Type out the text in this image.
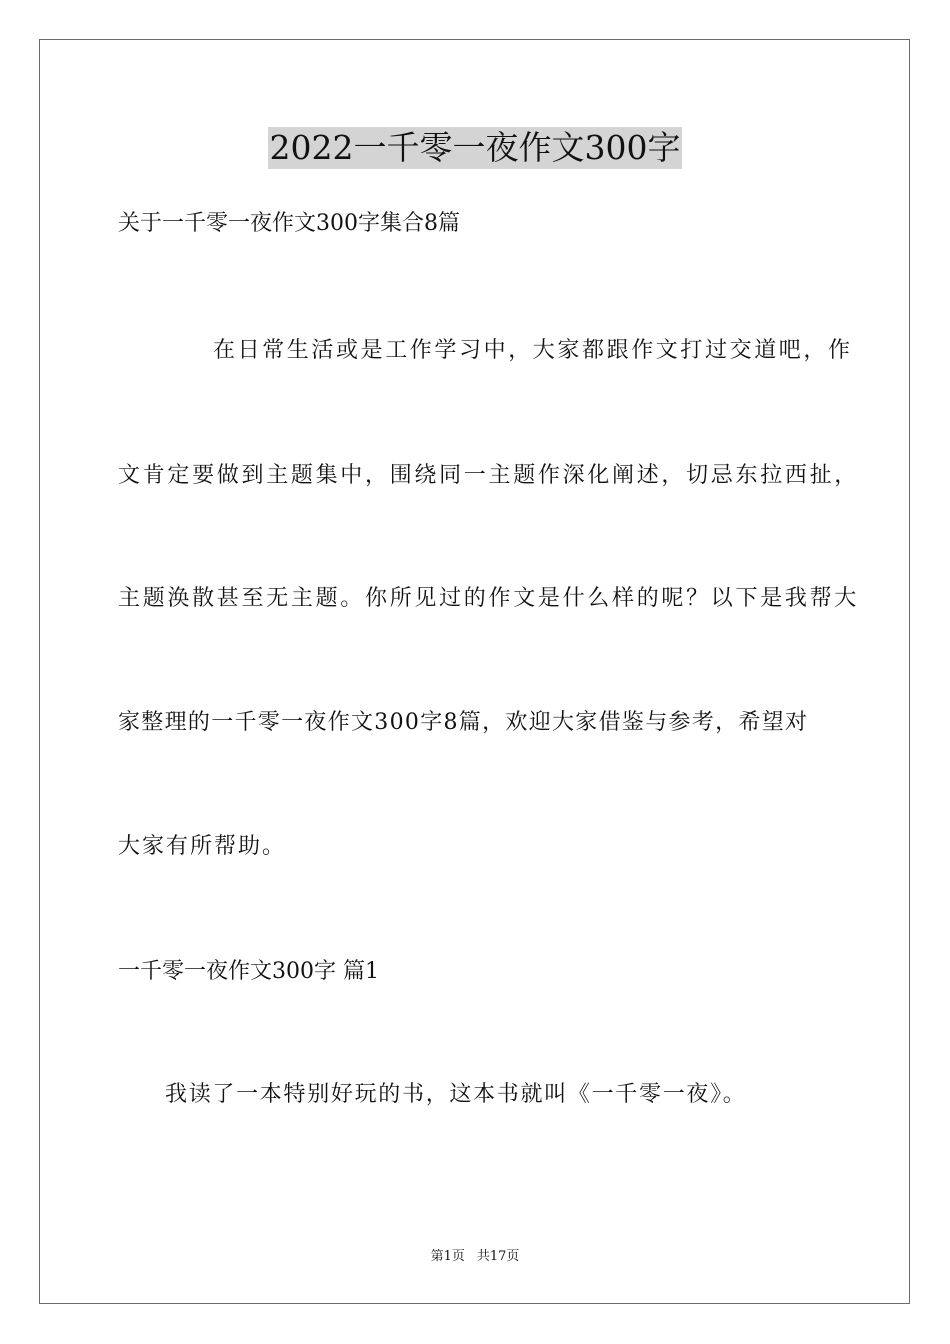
2022一千零一夜作文300字
关于一千零一夜作文300字集合8篇
在日常生活或是工作学习中，大家都跟作文打过交道吧，作
文肯定要做到主题集中，围绕同一主题作深化阐述，切忌东拉西扯，
主题涣散甚至无主题。你所见过的作文是什么样的呢？以下是我帮大
家整理的一千零一夜作文300字8篇，欢迎大家借鉴与参考，希望对
大家有所帮助。
一千零一夜作文300字 篇1
我读了一本特别好玩的书，这本书就叫《一千零一夜》。
第1页 共17页
